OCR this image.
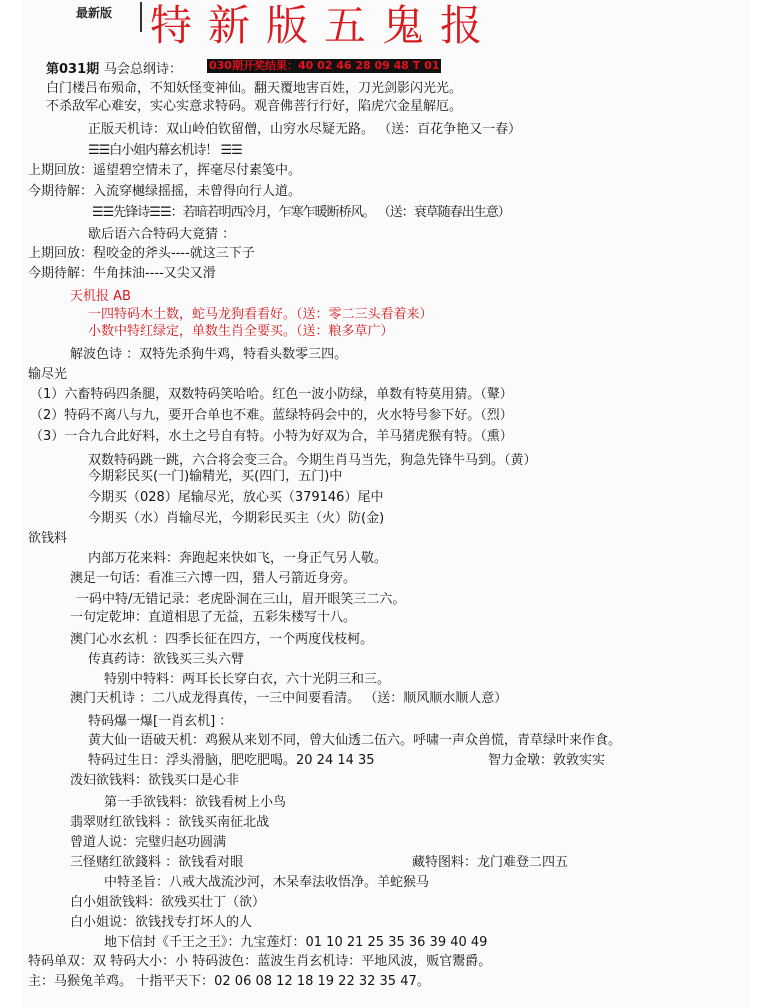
最新版 特新版五鬼报
第031期 马会总纲诗： 030期开奖结果：40 02 46 28 09 48 T 01
白门楼吕布殒命，不知妖怪变神仙。翻天覆地害百姓，刀光剑影闪光光。
不杀敌军心难安，实心实意求特码。观音佛菩行行好，陷虎穴金星解厄。
正版天机诗：双山岭伯钦留僧，山穷水尽疑无路。 （送：百花争艳又一春）
☰☰白小姐内幕玄机诗！ ☰☰
上期回放：遥望碧空情未了，挥毫尽付素笺中。
今期待解：入流穿樾绿摇摇，未曾得向行人道。
☰☰先锋诗☰☰：若暗若明西冷月，乍寒乍暖断桥风。 （送：衰草随春出生意）
歇后语六合特码大竟猜 ：
上期回放：程咬金的斧头----就这三下子
今期待解：牛角抹油----又尖又滑
天机报 AB
一四特码木土数，蛇马龙狗看看好。（送：零二三头看着来）
小数中特红绿定，单数生肖全要买。（送：粮多草广）
解波色诗 ：双特先杀狗牛鸡，特看头数零三四。
输尽光
（1）六畜特码四条腿，双数特码笑哈哈。红色一波小防绿，单数有特莫用猜。（鼙）
（2）特码不离八与九，要开合单也不难。蓝绿特码会中的，火水特号参下好。（烈）
（3）一合九合此好料，水土之号自有特。小特为好双为合，羊马猪虎猴有特。（熏）
双数特码跳一跳，六合将会变三合。今期生肖马当先，狗急先锋牛马到。（黄）
今期彩民买(一门)输精光，买(四门，五门)中
今期买（028）尾输尽光，放心买（379146）尾中
今期买（水）肖输尽光，今期彩民买主（火）防(金)
欲钱料
内部万花来料：奔跑起来快如飞，一身正气另人敬。
澳足一句话：看准三六博一四，猎人弓箭近身旁。
一码中特/无错记录：老虎卧洞在三山，眉开眼笑三二六。
一句定乾坤：直道相思了无益，五彩朱楼写十八。
澳门心水玄机 ：四季长征在四方，一个两度伐枝柯。
传真药诗：欲钱买三头六臂
特别中特料：两耳长长穿白衣，六十光阴三和三。
澳门天机诗 ：二八成龙得真传，一三中间要看清。 （送：顺风顺水顺人意）
特码爆一爆[一肖玄机] ：
黄大仙一语破天机：鸡猴从来划不同，曾大仙透二伍六。呼啸一声众兽慌，青草绿叶来作食。
特码过生日：浮头滑脑，肥吃肥喝。20 24 14 35	智力金墩：敦敦实实
泼妇欲钱料：欲钱买口是心非
第一手欲钱料：欲钱看树上小鸟
翡翠财红欲钱料 ：欲钱买南征北战
曾道人说：完璧归赵功圆满
三怪赌红欲錢料 ：欲钱看对眼	藏特图料：龙门难登二四五
中特圣旨：八戒大战流沙河，木呆奉法收悟净。羊蛇猴马
白小姐欲钱料：欲残买壮丁（欲）
白小姐说：欲钱找专打坏人的人
地下信封《千王之王》：九宝莲灯：01 10 21 25 35 36 39 40 49
特码单双：双 特码大小：小 特码波色：蓝波生肖玄机诗：平地风波，贩官鬻爵。
主：马猴兔羊鸡。 十指平天下：02 06 08 12 18 19 22 32 35 47。
